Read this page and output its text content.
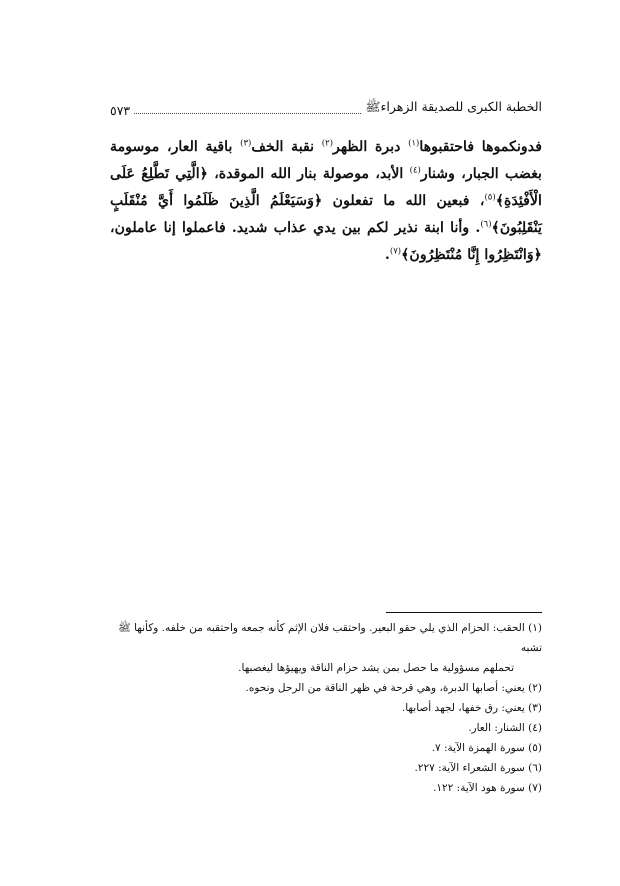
الخطبة الكبرى للصديقة الزهراءﷺ
٥٧٣

فدونكموها فاحتقبوها$^{(١)}$ دبرة الظهر$^{(٢)}$ نقبة الخف$^{(٣)}$ باقية العار، موسومة بغضب الجبار، وشنار$^{(٤)}$ الأبد، موصولة بنار الله الموقدة، ﴿الَّتِي تَطَّلِعُ عَلَى الْأَفْئِدَةِ﴾$^{(٥)}$، فبعين الله ما تفعلون ﴿وَسَيَعْلَمُ الَّذِينَ ظَلَمُوا أَيَّ مُنْقَلَبٍ يَنْقَلِبُونَ﴾$^{(٦)}$. وأنا ابنة نذير لكم بين يدي عذاب شديد. فاعملوا إنا عاملون، ﴿وَانْتَظِرُوا إِنَّا مُنْتَظِرُونَ﴾$^{(٧)}$.

(١) الحقب: الحزام الذي يلي حقو البعير. واحتقب فلان الإثم كأنه جمعه واحتقبه من خلفه. وكأنها ﷺ تشبه
تحملهم مسؤولية ما حصل بمن يشد حزام الناقة ويهيؤها ليغصبها.

(٢) يعني: أصابها الدبرة، وهي قرحة في ظهر الناقة من الرحل ونحوه.

(٣) يعني: رق خفها، لجهد أصابها.

(٤) الشنار: العار.

(٥) سورة الهمزة الآية: ٧.

(٦) سورة الشعراء الآية: ٢٢٧.

(٧) سورة هود الآية: ١٢٢.
